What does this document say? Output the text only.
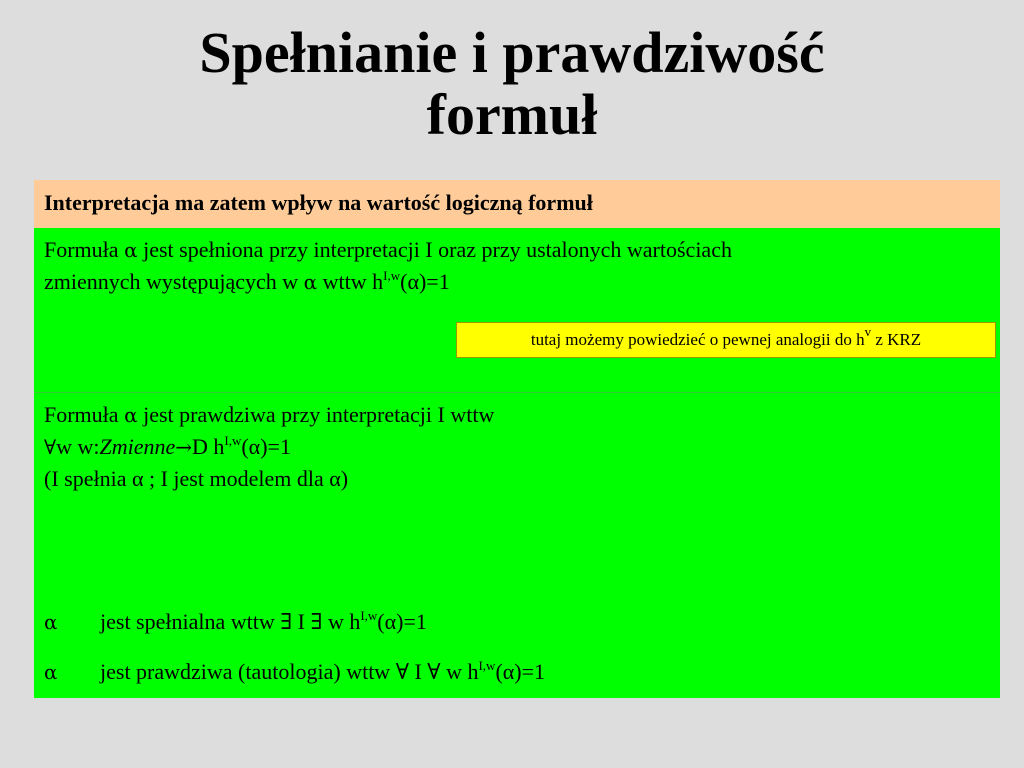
Spełnianie i prawdziwość
formuł
Interpretacja ma zatem wpływ na wartość logiczną formuł
Formuła α jest spełniona przy interpretacji I oraz przy ustalonych wartościach
zmiennych występujących w α wttw $h^{I,w}(\alpha)=1$
Formuła α jest prawdziwa przy interpretacji I wttw
∀w w:Zmienne→D $h^{I,w}(\alpha)=1$
(I spełnia α ; I jest modelem dla α)
tutaj możemy powiedzieć o pewnej analogii do $h^v$ z KRZ
α jest spełnialna wttw ∃ I ∃ w $h^{I,w}(\alpha)=1$
α jest prawdziwa (tautologia) wttw ∀ I ∀ w $h^{I,w}(\alpha)=1$
